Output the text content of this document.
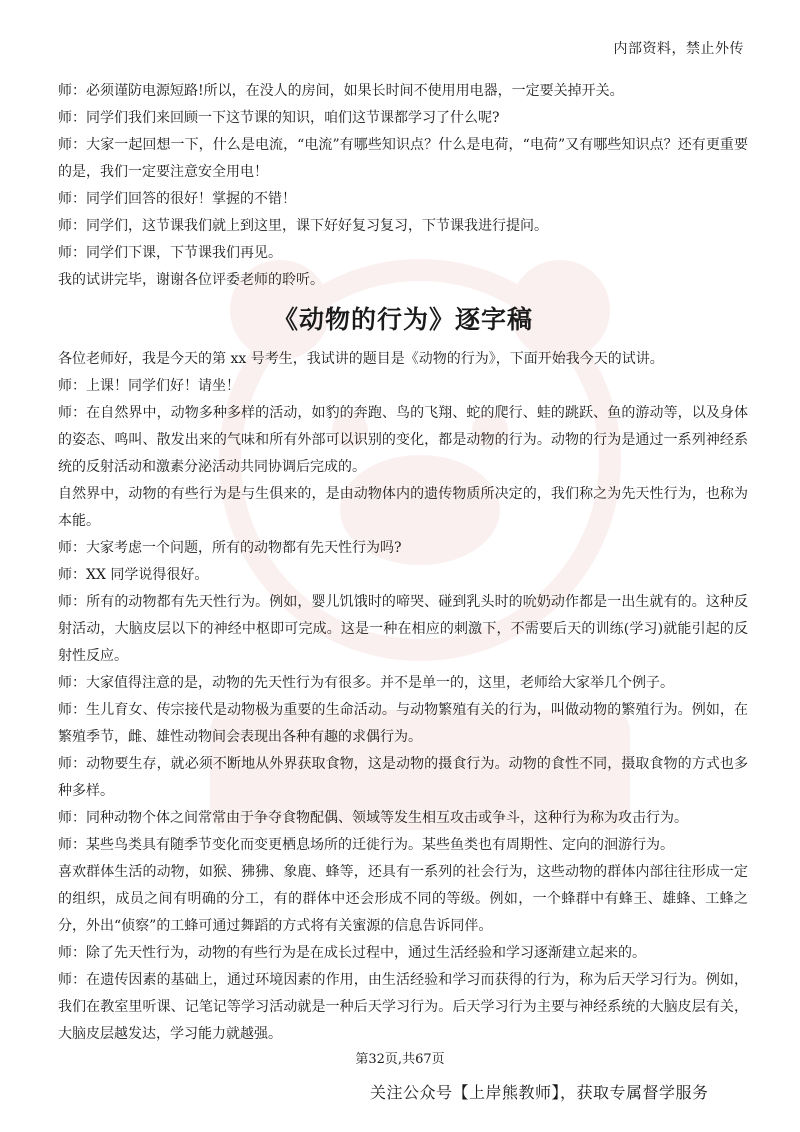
内部资料，禁止外传

师：必须谨防电源短路!所以，在没人的房间，如果长时间不使用用电器，一定要关掉开关。

师：同学们我们来回顾一下这节课的知识，咱们这节课都学习了什么呢?

师：大家一起回想一下，什么是电流，“电流”有哪些知识点？什么是电荷，“电荷”又有哪些知识点？还有更重要的是，我们一定要注意安全用电！

师：同学们回答的很好！掌握的不错！

师：同学们，这节课我们就上到这里，课下好好复习复习，下节课我进行提问。

师：同学们下课，下节课我们再见。

我的试讲完毕，谢谢各位评委老师的聆听。

《动物的行为》逐字稿

各位老师好，我是今天的第 xx 号考生，我试讲的题目是《动物的行为》，下面开始我今天的试讲。

师：上课！同学们好！请坐！

师：在自然界中，动物多种多样的活动，如豹的奔跑、鸟的飞翔、蛇的爬行、蛙的跳跃、鱼的游动等，以及身体的姿态、鸣叫、散发出来的气味和所有外部可以识别的变化，都是动物的行为。动物的行为是通过一系列神经系统的反射活动和激素分泌活动共同协调后完成的。

自然界中，动物的有些行为是与生俱来的，是由动物体内的遗传物质所决定的，我们称之为先天性行为，也称为本能。

师：大家考虑一个问题，所有的动物都有先天性行为吗?

师：XX 同学说得很好。

师：所有的动物都有先天性行为。例如，婴儿饥饿时的啼哭、碰到乳头时的吮奶动作都是一出生就有的。这种反射活动，大脑皮层以下的神经中枢即可完成。这是一种在相应的刺激下，不需要后天的训练(学习)就能引起的反射性反应。

师：大家值得注意的是，动物的先天性行为有很多。并不是单一的，这里，老师给大家举几个例子。

师：生儿育女、传宗接代是动物极为重要的生命活动。与动物繁殖有关的行为，叫做动物的繁殖行为。例如，在繁殖季节，雌、雄性动物间会表现出各种有趣的求偶行为。

师：动物要生存，就必须不断地从外界获取食物，这是动物的摄食行为。动物的食性不同，摄取食物的方式也多种多样。

师：同种动物个体之间常常由于争夺食物配偶、领域等发生相互攻击或争斗，这种行为称为攻击行为。

师：某些鸟类具有随季节变化而变更栖息场所的迁徙行为。某些鱼类也有周期性、定向的洄游行为。

喜欢群体生活的动物，如猴、狒狒、象鹿、蜂等，还具有一系列的社会行为，这些动物的群体内部往往形成一定的组织，成员之间有明确的分工，有的群体中还会形成不同的等级。例如，一个蜂群中有蜂王、雄蜂、工蜂之分，外出“侦察”的工蜂可通过舞蹈的方式将有关蜜源的信息告诉同伴。

师：除了先天性行为，动物的有些行为是在成长过程中，通过生活经验和学习逐渐建立起来的。

师：在遗传因素的基础上，通过环境因素的作用，由生活经验和学习而获得的行为，称为后天学习行为。例如，我们在教室里听课、记笔记等学习活动就是一种后天学习行为。后天学习行为主要与神经系统的大脑皮层有关，大脑皮层越发达，学习能力就越强。

第32页,共67页
关注公众号【上岸熊教师】，获取专属督学服务
